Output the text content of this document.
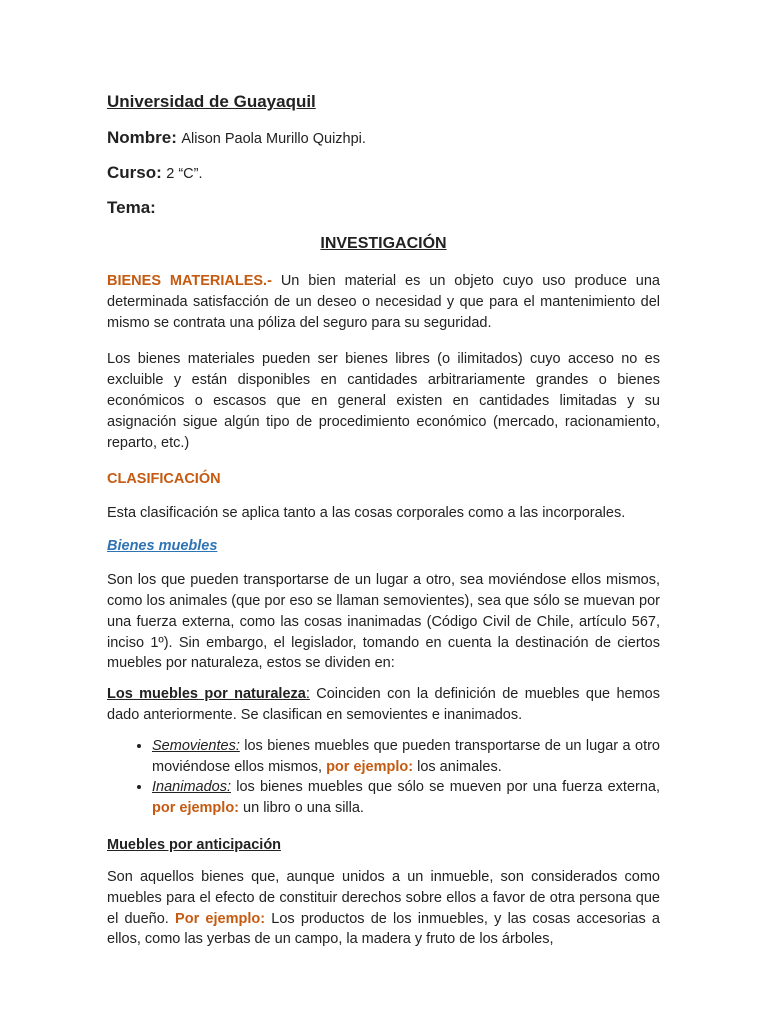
Universidad de Guayaquil
Nombre: Alison Paola Murillo Quizhpi.
Curso: 2 “C”.
Tema:
INVESTIGACIÓN

BIENES MATERIALES.- Un bien material es un objeto cuyo uso produce una determinada satisfacción de un deseo o necesidad y que para el mantenimiento del mismo se contrata una póliza del seguro para su seguridad.

Los bienes materiales pueden ser bienes libres (o ilimitados) cuyo acceso no es excluible y están disponibles en cantidades arbitrariamente grandes o bienes económicos o escasos que en general existen en cantidades limitadas y su asignación sigue algún tipo de procedimiento económico (mercado, racionamiento, reparto, etc.)

CLASIFICACIÓN

Esta clasificación se aplica tanto a las cosas corporales como a las incorporales.

Bienes muebles

Son los que pueden transportarse de un lugar a otro, sea moviéndose ellos mismos, como los animales (que por eso se llaman semovientes), sea que sólo se muevan por una fuerza externa, como las cosas inanimadas (Código Civil de Chile, artículo 567, inciso 1º). Sin embargo, el legislador, tomando en cuenta la destinación de ciertos muebles por naturaleza, estos se dividen en:

Los muebles por naturaleza: Coinciden con la definición de muebles que hemos dado anteriormente. Se clasifican en semovientes e inanimados.

• Semovientes: los bienes muebles que pueden transportarse de un lugar a otro moviéndose ellos mismos, por ejemplo: los animales.
• Inanimados: los bienes muebles que sólo se mueven por una fuerza externa, por ejemplo: un libro o una silla.
Muebles por anticipación

Son aquellos bienes que, aunque unidos a un inmueble, son considerados como muebles para el efecto de constituir derechos sobre ellos a favor de otra persona que el dueño. Por ejemplo: Los productos de los inmuebles, y las cosas accesorias a ellos, como las yerbas de un campo, la madera y fruto de los árboles,
